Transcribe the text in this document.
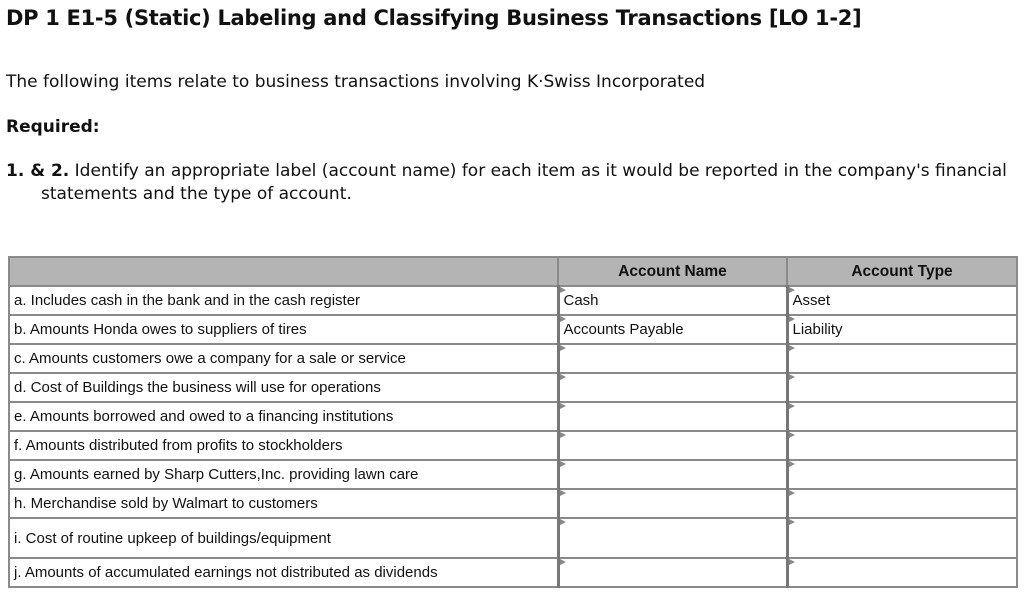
DP 1 E1-5 (Static) Labeling and Classifying Business Transactions [LO 1-2]
The following items relate to business transactions involving K·Swiss Incorporated
Required:
1. & 2. Identify an appropriate label (account name) for each item as it would be reported in the company's financial
statements and the type of account.
	Account Name	Account Type
a. Includes cash in the bank and in the cash register	Cash	Asset
b. Amounts Honda owes to suppliers of tires	Accounts Payable	Liability
c. Amounts customers owe a company for a sale or service		
d. Cost of Buildings the business will use for operations		
e. Amounts borrowed and owed to a financing institutions		
f. Amounts distributed from profits to stockholders		
g. Amounts earned by Sharp Cutters,Inc. providing lawn care		
h. Merchandise sold by Walmart to customers		
i. Cost of routine upkeep of buildings/equipment		
j. Amounts of accumulated earnings not distributed as dividends		
